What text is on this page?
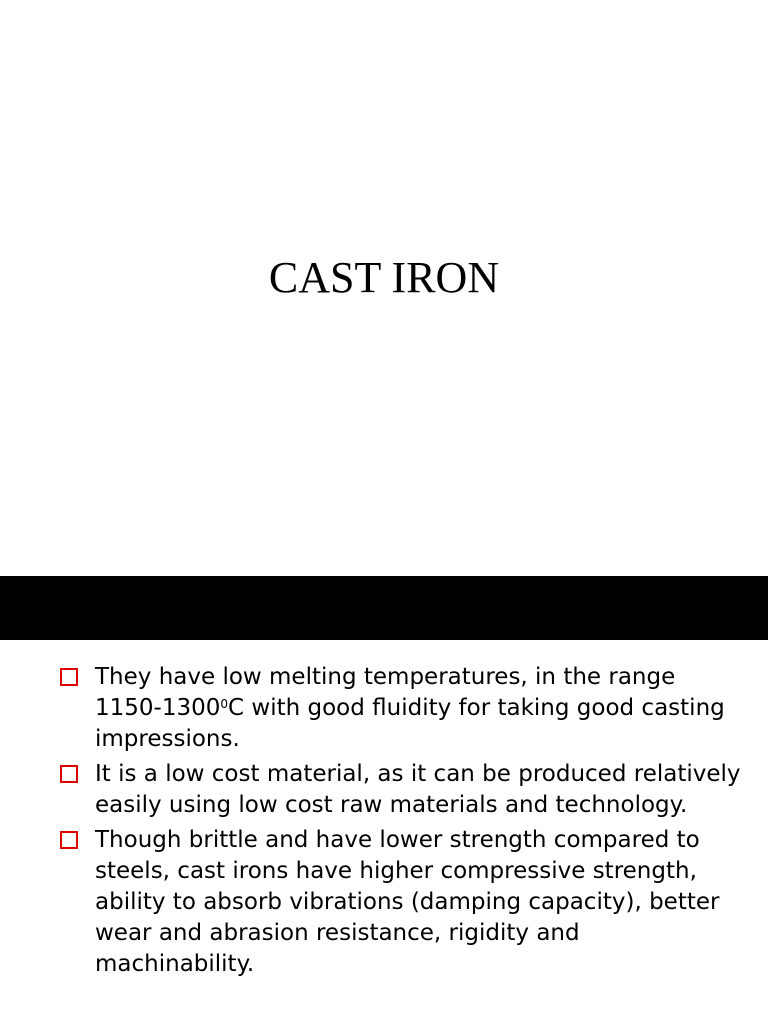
CAST IRON
They have low melting temperatures, in the range 1150-1300$^0$C with good fluidity for taking good casting impressions.
It is a low cost material, as it can be produced relatively easily using low cost raw materials and technology.
Though brittle and have lower strength compared to steels, cast irons have higher compressive strength, ability to absorb vibrations (damping capacity), better wear and abrasion resistance, rigidity and machinability.
